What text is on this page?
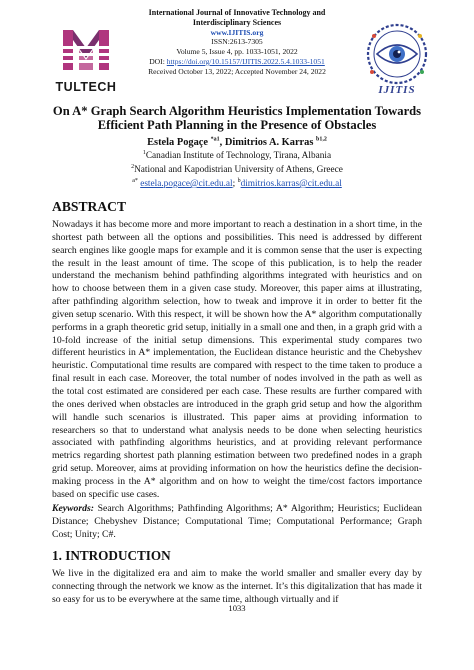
TULTECH
International Journal of Innovative Technology and Interdisciplinary Sciences
www.IJITIS.org
ISSN:2613-7305
Volume 5, Issue 4, pp. 1033-1051, 2022
DOI: https://doi.org/10.15157/IJITIS.2022.5.4.1033-1051
Received October 13, 2022; Accepted November 24, 2022
IJITIS
On A* Graph Search Algorithm Heuristics Implementation Towards Efficient Path Planning in the Presence of Obstacles
Estela Pogaçe $^{*a1}$, Dimitrios A. Karras $^{b1,2}$
$^1$Canadian Institute of Technology, Tirana, Albania
$^2$National and Kapodistrian University of Athens, Greece
$^{a*}$ estela.pogace@cit.edu.al; $^b$dimitrios.karras@cit.edu.al
ABSTRACT
Nowadays it has become more and more important to reach a destination in a short time, in the shortest path between all the options and possibilities. This need is addressed by different search engines like google maps for example and it is common sense that the user is expecting the result in the least amount of time. The scope of this publication, is to help the reader understand the mechanism behind pathfinding algorithms integrated with heuristics and on how to choose between them in a given case study. Moreover, this paper aims at illustrating, after pathfinding algorithm selection, how to tweak and improve it in order to better fit the given setup scenario. With this respect, it will be shown how the A* algorithm computationally performs in a graph theoretic grid setup, initially in a small one and then, in a graph grid with a 10-fold increase of the initial setup dimensions. This experimental study compares two different heuristics in A* implementation, the Euclidean distance heuristic and the Chebyshev heuristic. Computational time results are compared with respect to the time taken to produce a final result in each case. Moreover, the total number of nodes involved in the path as well as the total cost estimated are considered per each case. These results are further compared with the ones derived when obstacles are introduced in the graph grid setup and how the algorithm will handle such scenarios is illustrated. This paper aims at providing information to researchers so that to understand what analysis needs to be done when selecting heuristics associated with pathfinding algorithms heuristics, and at providing relevant performance metrics regarding shortest path planning estimation between two predefined nodes in a graph grid setup. Moreover, aims at providing information on how the heuristics define the decision-making process in the A* algorithm and on how to weight the time/cost factors importance based on specific use cases.
Keywords: Search Algorithms; Pathfinding Algorithms; A* Algorithm; Heuristics; Euclidean Distance; Chebyshev Distance; Computational Time; Computational Performance; Graph Cost; Unity; C#.
1. INTRODUCTION
We live in the digitalized era and aim to make the world smaller and smaller every day by connecting through the network we know as the internet. It’s this digitalization that has made it so easy for us to be everywhere at the same time, although virtually and if
1033
